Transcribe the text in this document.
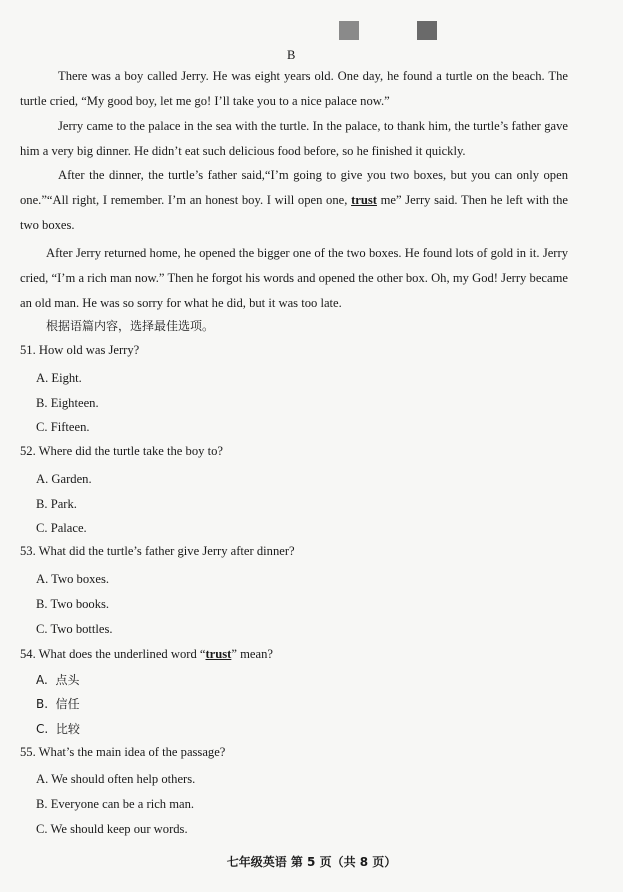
B
There was a boy called Jerry. He was eight years old. One day, he found a turtle on the beach. The turtle cried, “My good boy, let me go! I’ll take you to a nice palace now.”
Jerry came to the palace in the sea with the turtle. In the palace, to thank him, the turtle’s father gave him a very big dinner. He didn’t eat such delicious food before, so he finished it quickly.
After the dinner, the turtle’s father said,“I’m going to give you two boxes, but you can only open one.”“All right, I remember. I’m an honest boy. I will open one, trust me” Jerry said. Then he left with the two boxes.
After Jerry returned home, he opened the bigger one of the two boxes. He found lots of gold in it. Jerry cried, “I’m a rich man now.” Then he forgot his words and opened the other box. Oh, my God! Jerry became an old man. He was so sorry for what he did, but it was too late.
根据语篇内容，选择最佳选项。
51. How old was Jerry?
A. Eight.
B. Eighteen.
C. Fifteen.
52. Where did the turtle take the boy to?
A. Garden.
B. Park.
C. Palace.
53. What did the turtle’s father give Jerry after dinner?
A. Two boxes.
B. Two books.
C. Two bottles.
54. What does the underlined word “trust” mean?
A.  点头
B.  信任
C.  比较
55. What’s the main idea of the passage?
A. We should often help others.
B. Everyone can be a rich man.
C. We should keep our words.
七年级英语 第 5 页（共 8 页）
